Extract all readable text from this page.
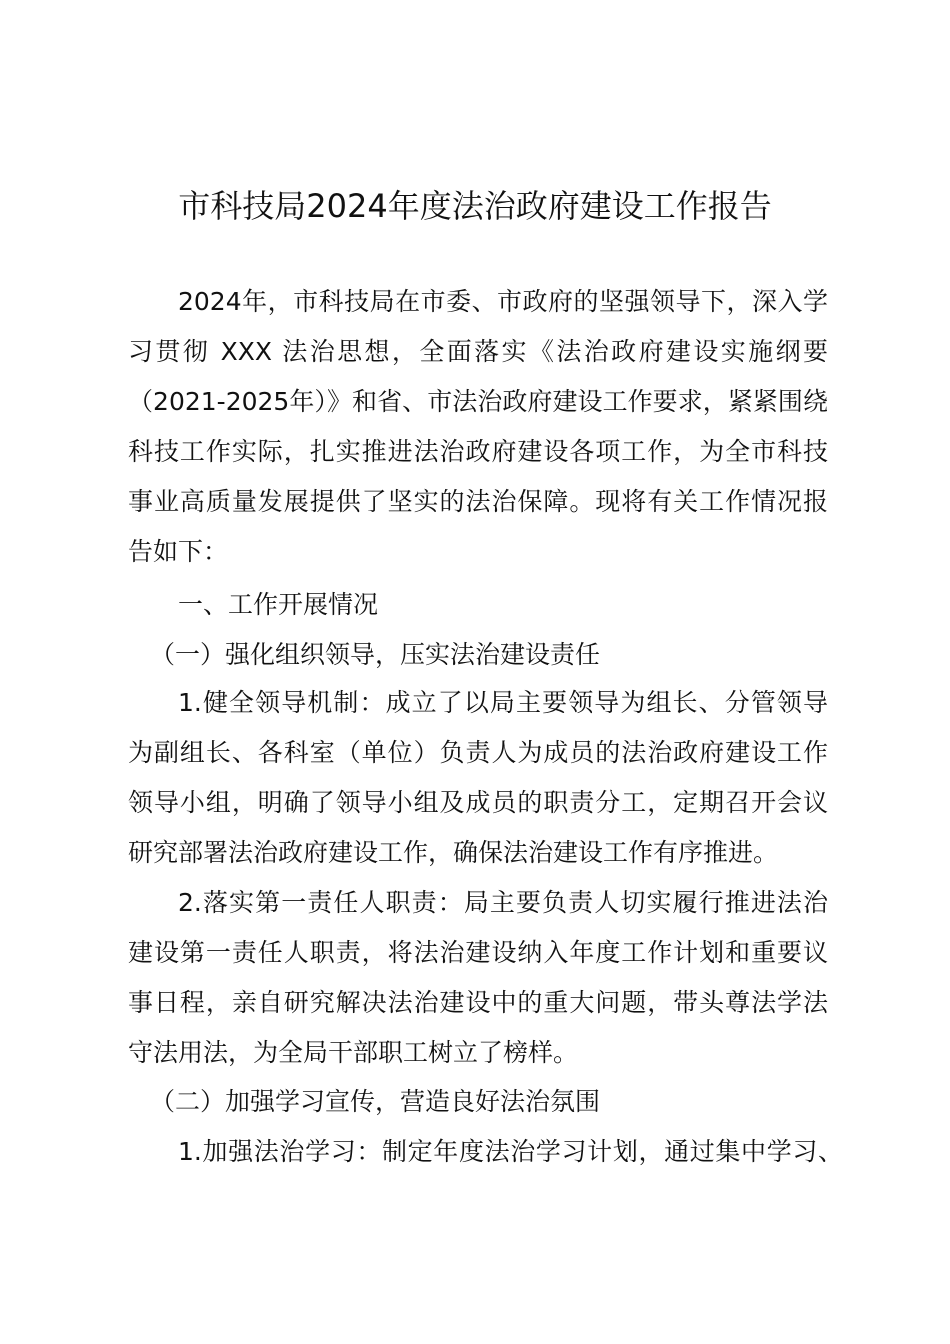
市科技局2024年度法治政府建设工作报告
2024年，市科技局在市委、市政府的坚强领导下，深入学
习贯彻 XXX 法治思想，全面落实《法治政府建设实施纲要
（2021-2025年）》和省、市法治政府建设工作要求，紧紧围绕
科技工作实际，扎实推进法治政府建设各项工作，为全市科技
事业高质量发展提供了坚实的法治保障。现将有关工作情况报
告如下：
一、工作开展情况
（一）强化组织领导，压实法治建设责任
1.健全领导机制：成立了以局主要领导为组长、分管领导
为副组长、各科室（单位）负责人为成员的法治政府建设工作
领导小组，明确了领导小组及成员的职责分工，定期召开会议
研究部署法治政府建设工作，确保法治建设工作有序推进。
2.落实第一责任人职责：局主要负责人切实履行推进法治
建设第一责任人职责，将法治建设纳入年度工作计划和重要议
事日程，亲自研究解决法治建设中的重大问题，带头尊法学法
守法用法，为全局干部职工树立了榜样。
（二）加强学习宣传，营造良好法治氛围
1.加强法治学习：制定年度法治学习计划，通过集中学习、
